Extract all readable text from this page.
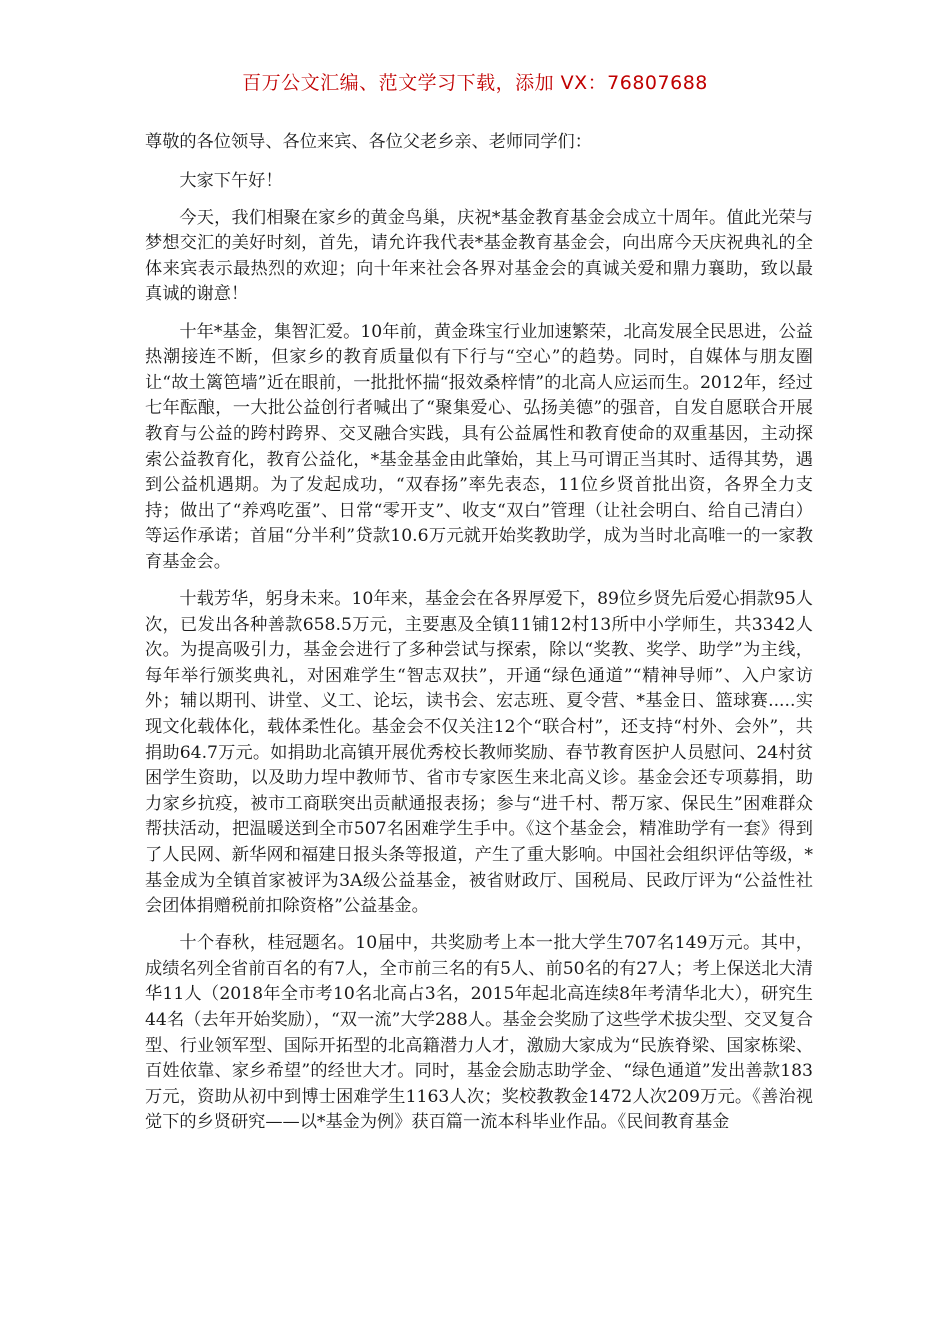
百万公文汇编、范文学习下载，添加 VX：76807688

尊敬的各位领导、各位来宾、各位父老乡亲、老师同学们：

大家下午好！

今天，我们相聚在家乡的黄金鸟巢，庆祝*基金教育基金会成立十周年。值此光荣与梦想交汇的美好时刻，首先，请允许我代表*基金教育基金会，向出席今天庆祝典礼的全体来宾表示最热烈的欢迎；向十年来社会各界对基金会的真诚关爱和鼎力襄助，致以最真诚的谢意！

十年*基金，集智汇爱。10年前，黄金珠宝行业加速繁荣，北高发展全民思进，公益热潮接连不断，但家乡的教育质量似有下行与“空心”的趋势。同时，自媒体与朋友圈让“故土篱笆墙”近在眼前，一批批怀揣“报效桑梓情”的北高人应运而生。2012年，经过七年酝酿，一大批公益创行者喊出了“聚集爱心、弘扬美德”的强音，自发自愿联合开展教育与公益的跨村跨界、交叉融合实践，具有公益属性和教育使命的双重基因，主动探索公益教育化，教育公益化，*基金基金由此肇始，其上马可谓正当其时、适得其势，遇到公益机遇期。为了发起成功，“双春扬”率先表态，11位乡贤首批出资，各界全力支持；做出了“养鸡吃蛋”、日常“零开支”、收支“双白”管理（让社会明白、给自己清白）等运作承诺；首届“分半利”贷款10.6万元就开始奖教助学，成为当时北高唯一的一家教育基金会。

十载芳华，躬身未来。10年来，基金会在各界厚爱下，89位乡贤先后爱心捐款95人次，已发出各种善款658.5万元，主要惠及全镇11铺12村13所中小学师生，共3342人次。为提高吸引力，基金会进行了多种尝试与探索，除以“奖教、奖学、助学”为主线，每年举行颁奖典礼，对困难学生“智志双扶”，开通“绿色通道”“精神导师”、入户家访外；辅以期刊、讲堂、义工、论坛，读书会、宏志班、夏令营、*基金日、篮球赛.....实现文化载体化，载体柔性化。基金会不仅关注12个“联合村”，还支持“村外、会外”，共捐助64.7万元。如捐助北高镇开展优秀校长教师奖励、春节教育医护人员慰问、24村贫困学生资助，以及助力埕中教师节、省市专家医生来北高义诊。基金会还专项募捐，助力家乡抗疫，被市工商联突出贡献通报表扬；参与“进千村、帮万家、保民生”困难群众帮扶活动，把温暖送到全市507名困难学生手中。《这个基金会，精准助学有一套》得到了人民网、新华网和福建日报头条等报道，产生了重大影响。中国社会组织评估等级，*基金成为全镇首家被评为3A级公益基金，被省财政厅、国税局、民政厅评为“公益性社会团体捐赠税前扣除资格”公益基金。

十个春秋，桂冠题名。10届中，共奖励考上本一批大学生707名149万元。其中，成绩名列全省前百名的有7人，全市前三名的有5人、前50名的有27人；考上保送北大清华11人（2018年全市考10名北高占3名，2015年起北高连续8年考清华北大），研究生44名（去年开始奖励），“双一流”大学288人。基金会奖励了这些学术拔尖型、交叉复合型、行业领军型、国际开拓型的北高籍潜力人才，激励大家成为“民族脊梁、国家栋梁、百姓依靠、家乡希望”的经世大才。同时，基金会励志助学金、“绿色通道”发出善款183万元，资助从初中到博士困难学生1163人次；奖校教教金1472人次209万元。《善治视觉下的乡贤研究——以*基金为例》获百篇一流本科毕业作品。《民间教育基金
